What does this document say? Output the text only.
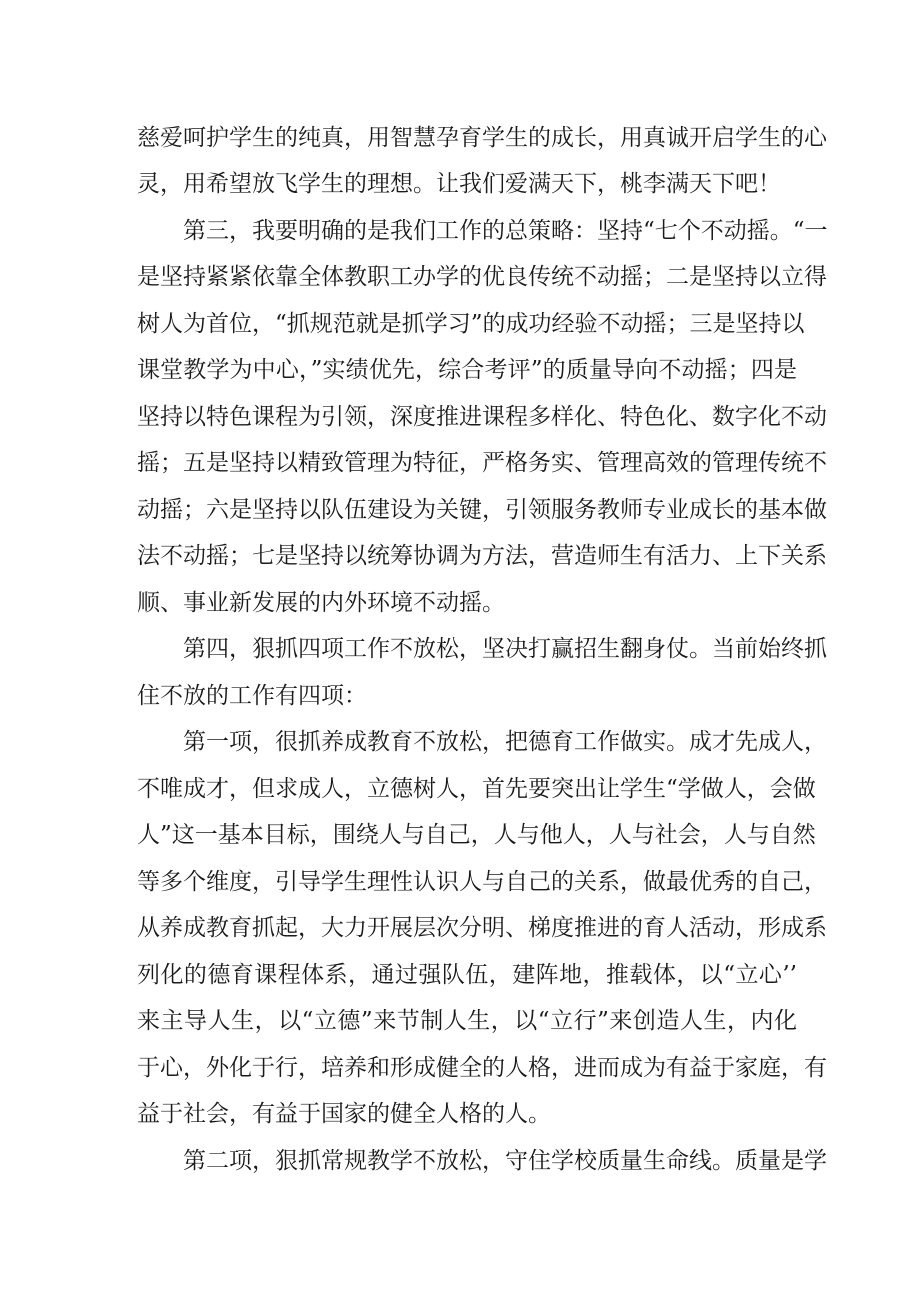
慈爱呵护学生的纯真，用智慧孕育学生的成长，用真诚开启学生的心
灵，用希望放飞学生的理想。让我们爱满天下，桃李满天下吧！
第三，我要明确的是我们工作的总策略：坚持“七个不动摇。“一
是坚持紧紧依靠全体教职工办学的优良传统不动摇；二是坚持以立得
树人为首位，“抓规范就是抓学习”的成功经验不动摇；三是坚持以
课堂教学为中心，”实绩优先，综合考评”的质量导向不动摇；四是
坚持以特色课程为引领，深度推进课程多样化、特色化、数字化不动
摇；五是坚持以精致管理为特征，严格务实、管理高效的管理传统不
动摇；六是坚持以队伍建设为关键，引领服务教师专业成长的基本做
法不动摇；七是坚持以统筹协调为方法，营造师生有活力、上下关系
顺、事业新发展的内外环境不动摇。
第四，狠抓四项工作不放松，坚决打赢招生翻身仗。当前始终抓
住不放的工作有四项：
第一项，很抓养成教育不放松，把德育工作做实。成才先成人，
不唯成才，但求成人，立德树人，首先要突出让学生“学做人，会做
人”这一基本目标，围绕人与自己，人与他人，人与社会，人与自然
等多个维度，引导学生理性认识人与自己的关系，做最优秀的自己，
从养成教育抓起，大力开展层次分明、梯度推进的育人活动，形成系
列化的德育课程体系，通过强队伍，建阵地，推载体，以“立心’’
来主导人生，以“立德”来节制人生，以“立行”来创造人生，内化
于心，外化于行，培养和形成健全的人格，进而成为有益于家庭，有
益于社会，有益于国家的健全人格的人。
第二项，狠抓常规教学不放松，守住学校质量生命线。质量是学
